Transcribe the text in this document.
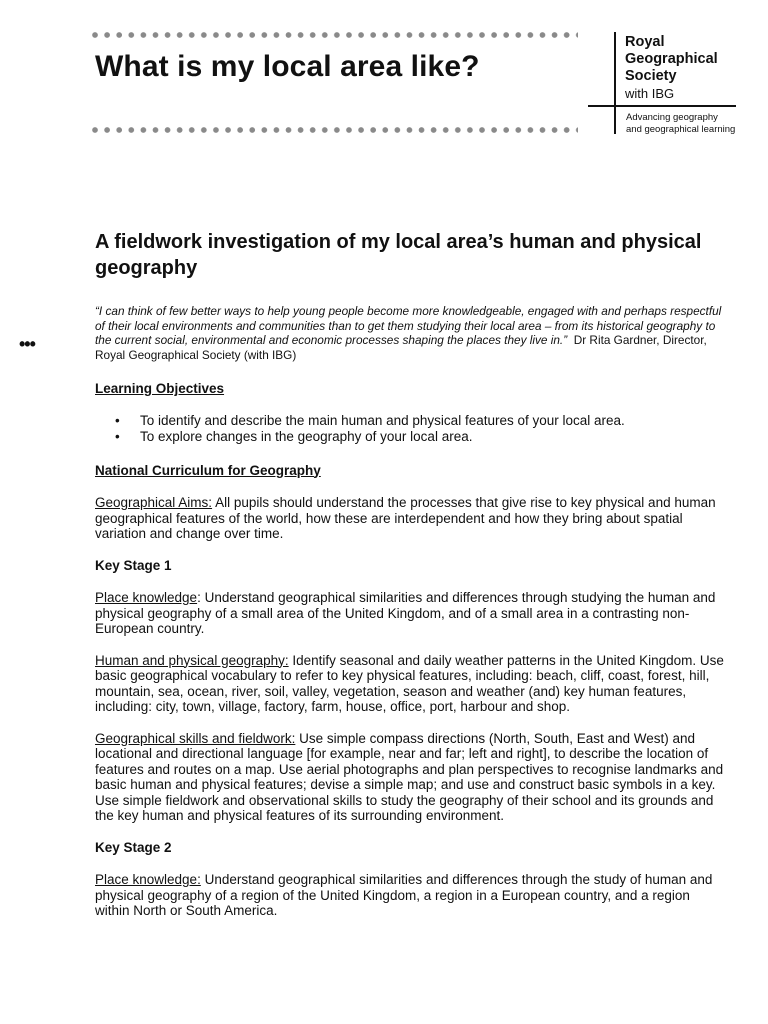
What is my local area like?
Royal
Geographical
Society
with IBG
Advancing geography
and geographical learning
•••
A fieldwork investigation of my local area’s human and physical geography

“I can think of few better ways to help young people become more knowledgeable, engaged with and perhaps respectful of their local environments and communities than to get them studying their local area – from its historical geography to the current social, environmental and economic processes shaping the places they live in.” Dr Rita Gardner, Director, Royal Geographical Society (with IBG)

Learning Objectives

• To identify and describe the main human and physical features of your local area.
• To explore changes in the geography of your local area.

National Curriculum for Geography

Geographical Aims: All pupils should understand the processes that give rise to key physical and human geographical features of the world, how these are interdependent and how they bring about spatial variation and change over time.

Key Stage 1

Place knowledge: Understand geographical similarities and differences through studying the human and physical geography of a small area of the United Kingdom, and of a small area in a contrasting non-European country.

Human and physical geography: Identify seasonal and daily weather patterns in the United Kingdom. Use basic geographical vocabulary to refer to key physical features, including: beach, cliff, coast, forest, hill, mountain, sea, ocean, river, soil, valley, vegetation, season and weather (and) key human features, including: city, town, village, factory, farm, house, office, port, harbour and shop.

Geographical skills and fieldwork: Use simple compass directions (North, South, East and West) and locational and directional language [for example, near and far; left and right], to describe the location of features and routes on a map. Use aerial photographs and plan perspectives to recognise landmarks and basic human and physical features; devise a simple map; and use and construct basic symbols in a key. Use simple fieldwork and observational skills to study the geography of their school and its grounds and the key human and physical features of its surrounding environment.

Key Stage 2

Place knowledge: Understand geographical similarities and differences through the study of human and physical geography of a region of the United Kingdom, a region in a European country, and a region within North or South America.
